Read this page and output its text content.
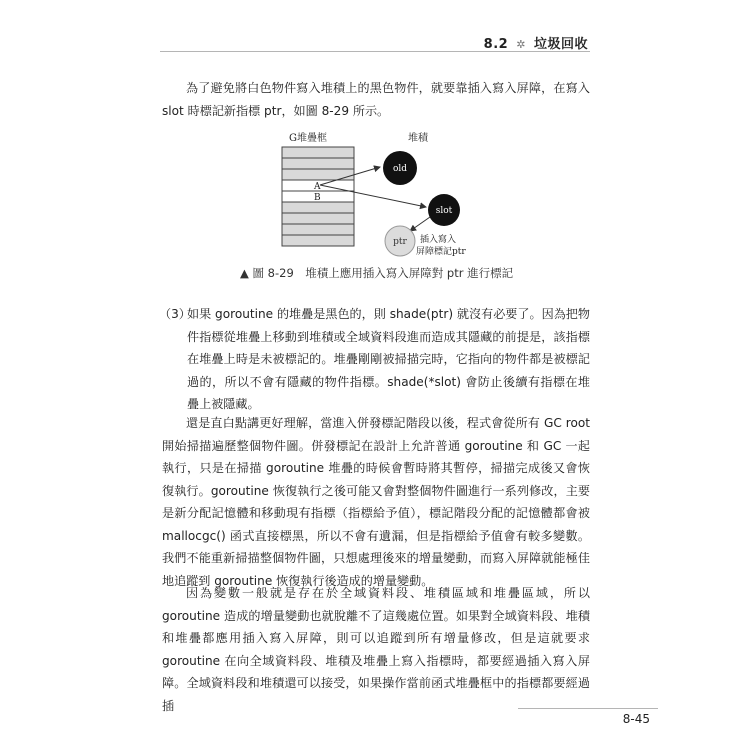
8.2 ✲ 垃圾回收

為了避免將白色物件寫入堆積上的黑色物件，就要靠插入寫入屏障，在寫入 slot 時標記新指標 ptr，如圖 8-29 所示。

G堆疊框	堆積
A
B
old
slot
ptr 插入寫入
屏障標記ptr
▲ 圖 8-29　堆積上應用插入寫入屏障對 ptr 進行標記
（3）
如果 goroutine 的堆疊是黑色的，則 shade(ptr) 就沒有必要了。因為把物件指標從堆疊上移動到堆積或全域資料段進而造成其隱藏的前提是，該指標在堆疊上時是未被標記的。堆疊剛剛被掃描完時，它指向的物件都是被標記過的，所以不會有隱藏的物件指標。shade(*slot) 會防止後續有指標在堆疊上被隱藏。

還是直白點講更好理解，當進入併發標記階段以後，程式會從所有 GC root 開始掃描遍歷整個物件圖。併發標記在設計上允許普通 goroutine 和 GC 一起執行，只是在掃描 goroutine 堆疊的時候會暫時將其暫停，掃描完成後又會恢復執行。goroutine 恢復執行之後可能又會對整個物件圖進行一系列修改，主要是新分配記憶體和移動現有指標（指標給予值），標記階段分配的記憶體都會被 mallocgc() 函式直接標黑，所以不會有遺漏，但是指標給予值會有較多變數。我們不能重新掃描整個物件圖，只想處理後來的增量變動，而寫入屏障就能極佳地追蹤到 goroutine 恢復執行後造成的增量變動。

因為變數一般就是存在於全域資料段、堆積區域和堆疊區域，所以 goroutine 造成的增量變動也就脫離不了這幾處位置。如果對全域資料段、堆積和堆疊都應用插入寫入屏障，則可以追蹤到所有增量修改，但是這就要求 goroutine 在向全域資料段、堆積及堆疊上寫入指標時，都要經過插入寫入屏障。全域資料段和堆積還可以接受，如果操作當前函式堆疊框中的指標都要經過插

8-45
